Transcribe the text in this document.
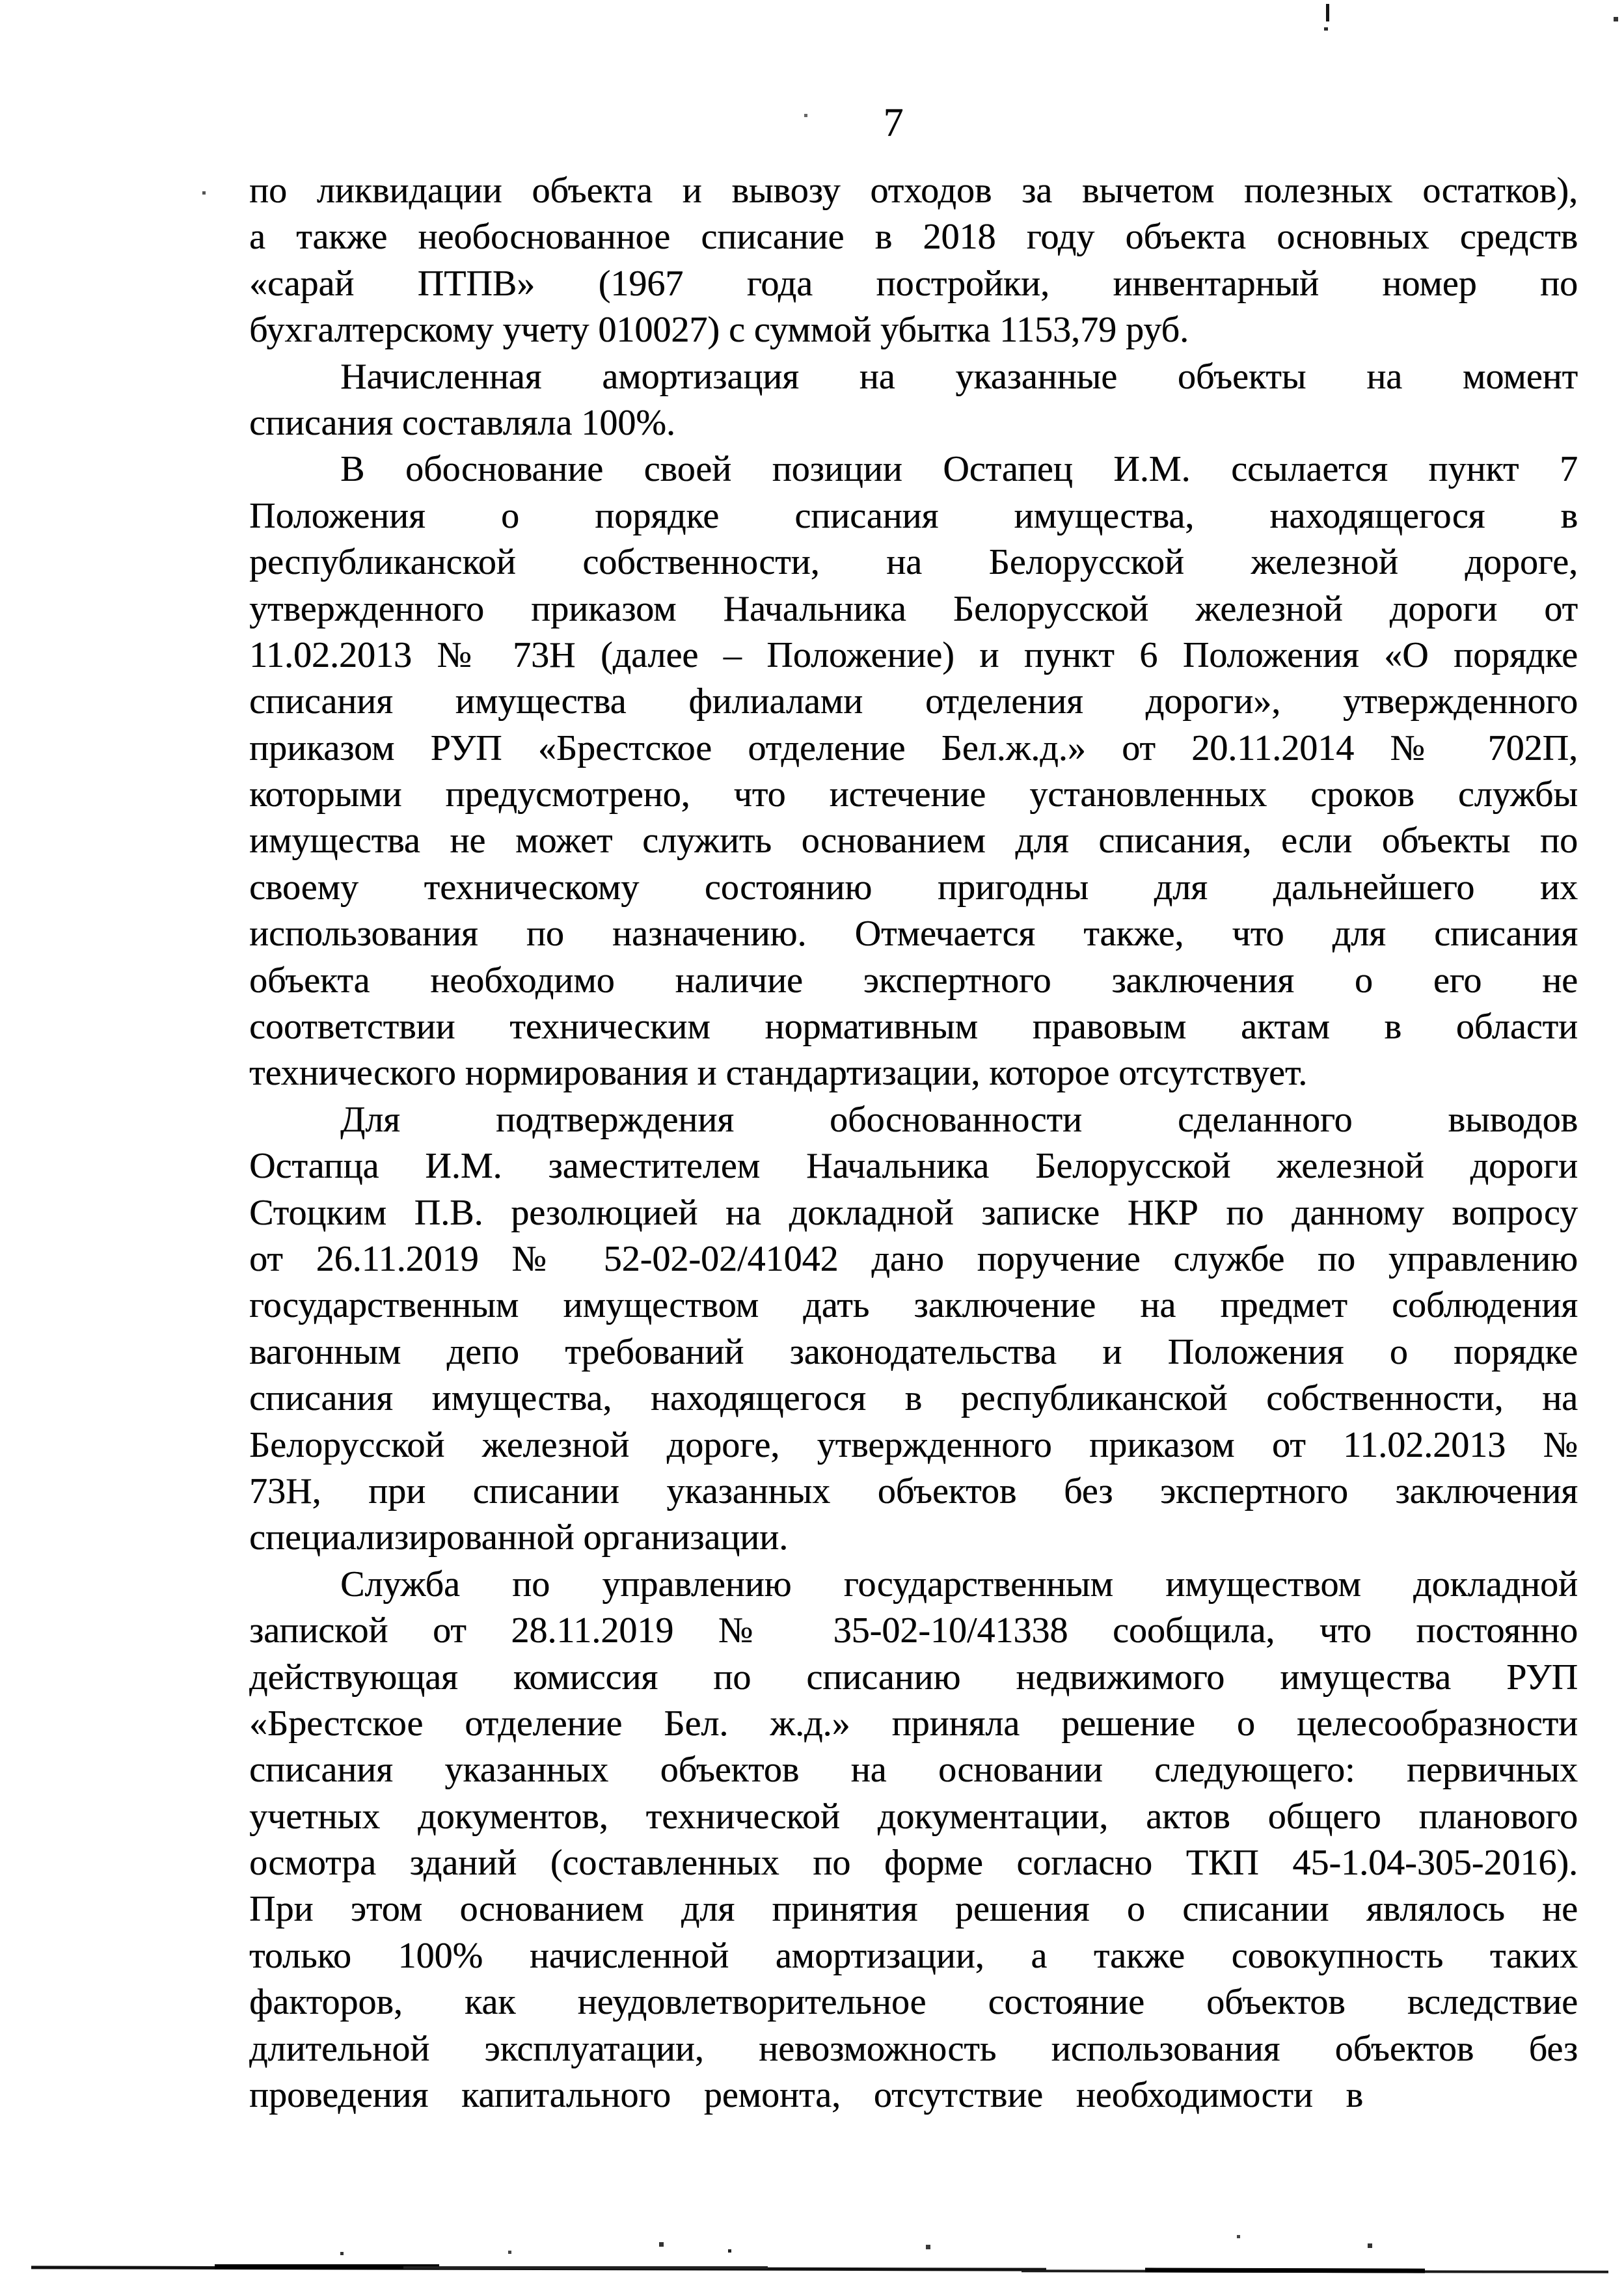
7
по ликвидации объекта и вывозу отходов за вычетом полезных остатков),
а также необоснованное списание в 2018 году объекта основных средств
«сарай ПТПВ» (1967 года постройки, инвентарный номер по
бухгалтерскому учету 010027) с суммой убытка 1153,79 руб.
Начисленная амортизация на указанные объекты на момент
списания составляла 100%.
В обоснование своей позиции Остапец И.М. ссылается пункт 7
Положения о порядке списания имущества, находящегося в
республиканской собственности, на Белорусской железной дороге,
утвержденного приказом Начальника Белорусской железной дороги от
11.02.2013 № 73Н (далее – Положение) и пункт 6 Положения «О порядке
списания имущества филиалами отделения дороги», утвержденного
приказом РУП «Брестское отделение Бел.ж.д.» от 20.11.2014 № 702П,
которыми предусмотрено, что истечение установленных сроков службы
имущества не может служить основанием для списания, если объекты по
своему техническому состоянию пригодны для дальнейшего их
использования по назначению. Отмечается также, что для списания
объекта необходимо наличие экспертного заключения о его не
соответствии техническим нормативным правовым актам в области
технического нормирования и стандартизации, которое отсутствует.
Для подтверждения обоснованности сделанного выводов
Остапца И.М. заместителем Начальника Белорусской железной дороги
Стоцким П.В. резолюцией на докладной записке НКР по данному вопросу
от 26.11.2019 № 52-02-02/41042 дано поручение службе по управлению
государственным имуществом дать заключение на предмет соблюдения
вагонным депо требований законодательства и Положения о порядке
списания имущества, находящегося в республиканской собственности, на
Белорусской железной дороге, утвержденного приказом от 11.02.2013 №
73Н, при списании указанных объектов без экспертного заключения
специализированной организации.
Служба по управлению государственным имуществом докладной
запиской от 28.11.2019 № 35-02-10/41338 сообщила, что постоянно
действующая комиссия по списанию недвижимого имущества РУП
«Брестское отделение Бел. ж.д.» приняла решение о целесообразности
списания указанных объектов на основании следующего: первичных
учетных документов, технической документации, актов общего планового
осмотра зданий (составленных по форме согласно ТКП 45-1.04-305-2016).
При этом основанием для принятия решения о списании являлось не
только 100% начисленной амортизации, а также совокупность таких
факторов, как неудовлетворительное состояние объектов вследствие
длительной эксплуатации, невозможность использования объектов без
проведения капитального ремонта, отсутствие необходимости в
